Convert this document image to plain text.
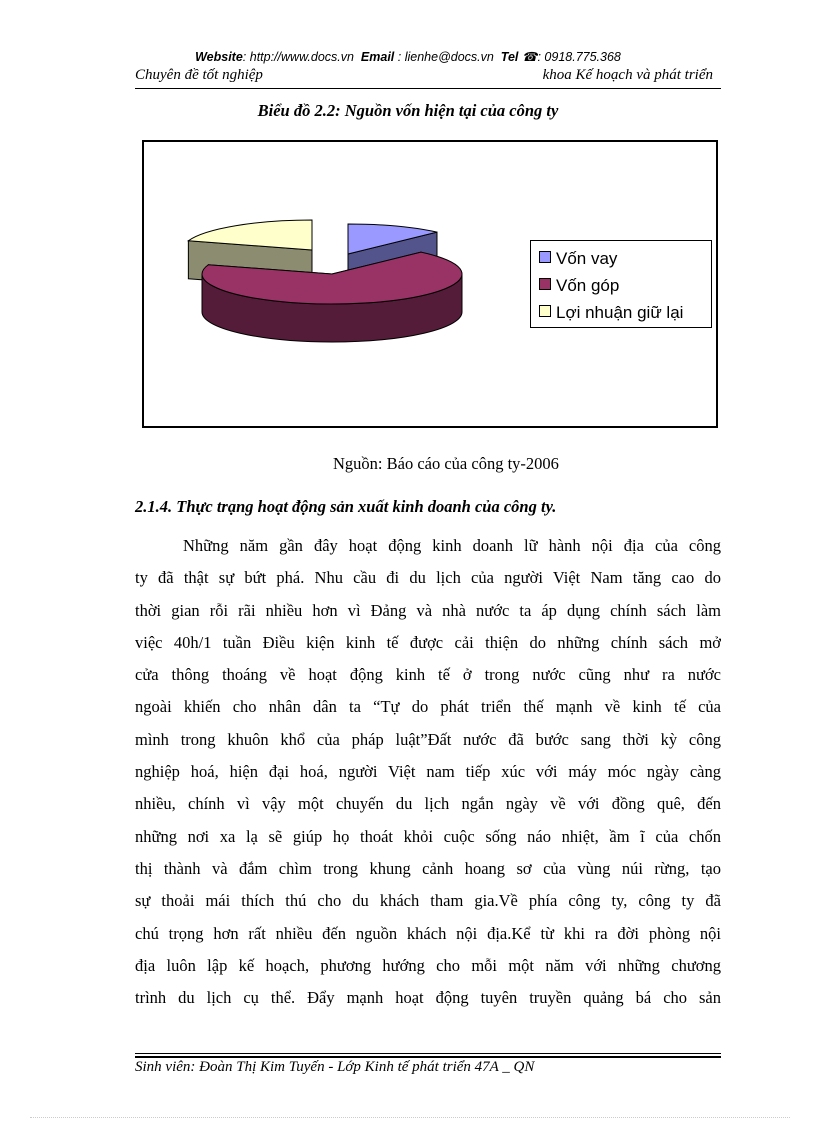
Website: http://www.docs.vn Email : lienhe@docs.vn Tel ☎: 0918.775.368
Chuyên đề tốt nghiệp	khoa Kế hoạch và phát triển
Biểu đồ 2.2: Nguồn vốn hiện tại của công ty
Vốn vay
Vốn góp
Lợi nhuận giữ lại
Nguồn: Báo cáo của công ty-2006
2.1.4. Thực trạng hoạt động sản xuất kinh doanh của công ty.
Những năm gần đây hoạt động kinh doanh lữ hành nội địa của công
ty đã thật sự bứt phá. Nhu cầu đi du lịch của người Việt Nam tăng cao do
thời gian rỗi rãi nhiều hơn vì Đảng và nhà nước ta áp dụng chính sách làm
việc 40h/1 tuần Điều kiện kinh tế được cải thiện do những chính sách mở
cửa thông thoáng về hoạt động kinh tế ở trong nước cũng như ra nước
ngoài khiến cho nhân dân ta “Tự do phát triển thế mạnh về kinh tế của
mình trong khuôn khổ của pháp luật”Đất nước đã bước sang thời kỳ công
nghiệp hoá, hiện đại hoá, người Việt nam tiếp xúc với máy móc ngày càng
nhiều, chính vì vậy một chuyến du lịch ngắn ngày về với đồng quê, đến
những nơi xa lạ sẽ giúp họ thoát khỏi cuộc sống náo nhiệt, ầm ĩ của chốn
thị thành và đắm chìm trong khung cảnh hoang sơ của vùng núi rừng, tạo
sự thoải mái thích thú cho du khách tham gia.Về phía công ty, công ty đã
chú trọng hơn rất nhiều đến nguồn khách nội địa.Kể từ khi ra đời phòng nội
địa luôn lập kế hoạch, phương hướng cho mỗi một năm với những chương
trình du lịch cụ thể. Đẩy mạnh hoạt động tuyên truyền quảng bá cho sản
Sinh viên: Đoàn Thị Kim Tuyến - Lớp Kinh tế phát triển 47A _ QN
